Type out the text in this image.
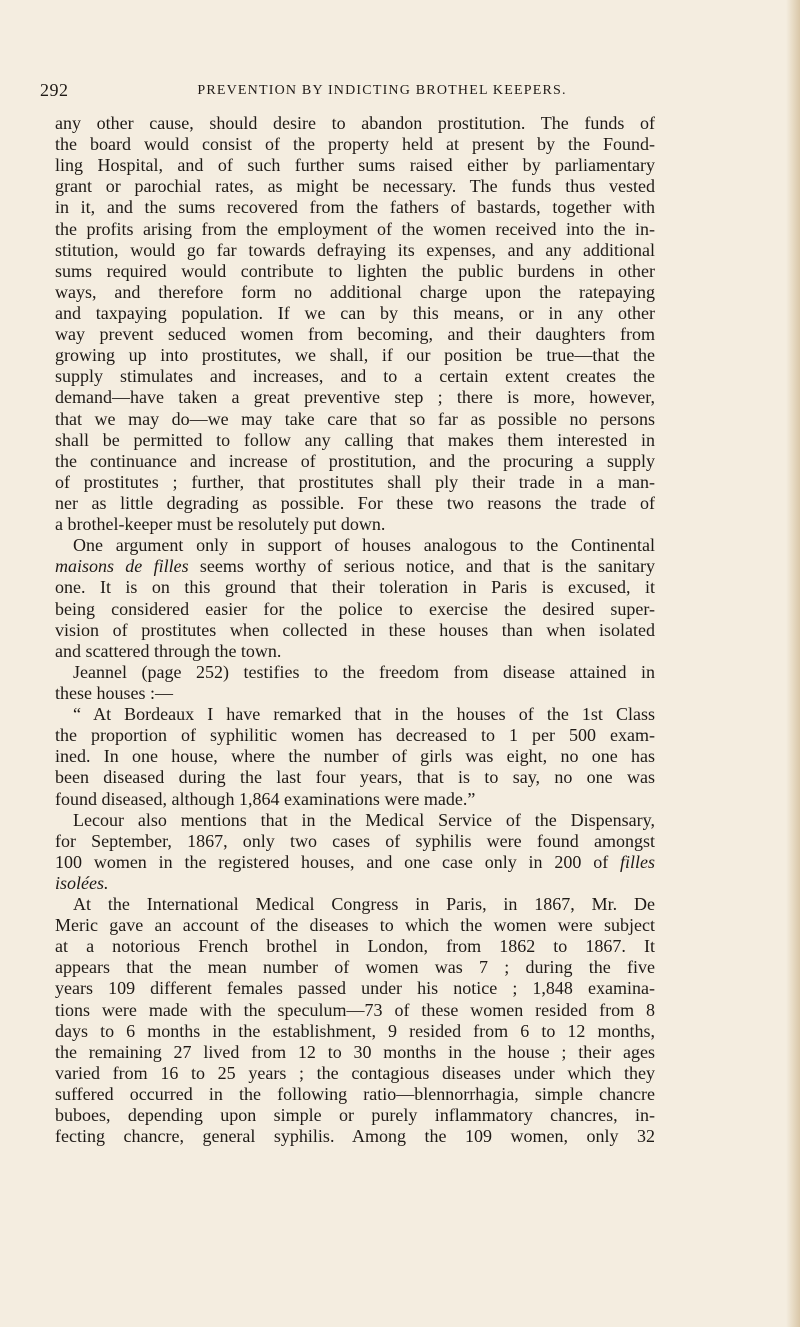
292	PREVENTION BY INDICTING BROTHEL KEEPERS.
any other cause, should desire to abandon prostitution. The funds of
the board would consist of the property held at present by the Found-
ling Hospital, and of such further sums raised either by parliamentary
grant or parochial rates, as might be necessary. The funds thus vested
in it, and the sums recovered from the fathers of bastards, together with
the profits arising from the employment of the women received into the in-
stitution, would go far towards defraying its expenses, and any additional
sums required would contribute to lighten the public burdens in other
ways, and therefore form no additional charge upon the ratepaying
and taxpaying population. If we can by this means, or in any other
way prevent seduced women from becoming, and their daughters from
growing up into prostitutes, we shall, if our position be true—that the
supply stimulates and increases, and to a certain extent creates the
demand—have taken a great preventive step ; there is more, however,
that we may do—we may take care that so far as possible no persons
shall be permitted to follow any calling that makes them interested in
the continuance and increase of prostitution, and the procuring a supply
of prostitutes ; further, that prostitutes shall ply their trade in a man-
ner as little degrading as possible. For these two reasons the trade of
a brothel-keeper must be resolutely put down.
One argument only in support of houses analogous to the Continental
maisons de filles seems worthy of serious notice, and that is the sanitary
one. It is on this ground that their toleration in Paris is excused, it
being considered easier for the police to exercise the desired super-
vision of prostitutes when collected in these houses than when isolated
and scattered through the town.
Jeannel (page 252) testifies to the freedom from disease attained in
these houses :—
“ At Bordeaux I have remarked that in the houses of the 1st Class
the proportion of syphilitic women has decreased to 1 per 500 exam-
ined. In one house, where the number of girls was eight, no one has
been diseased during the last four years, that is to say, no one was
found diseased, although 1,864 examinations were made.”
Lecour also mentions that in the Medical Service of the Dispensary,
for September, 1867, only two cases of syphilis were found amongst
100 women in the registered houses, and one case only in 200 of filles
isolées.
At the International Medical Congress in Paris, in 1867, Mr. De
Meric gave an account of the diseases to which the women were subject
at a notorious French brothel in London, from 1862 to 1867. It
appears that the mean number of women was 7 ; during the five
years 109 different females passed under his notice ; 1,848 examina-
tions were made with the speculum—73 of these women resided from 8
days to 6 months in the establishment, 9 resided from 6 to 12 months,
the remaining 27 lived from 12 to 30 months in the house ; their ages
varied from 16 to 25 years ; the contagious diseases under which they
suffered occurred in the following ratio—blennorrhagia, simple chancre
buboes, depending upon simple or purely inflammatory chancres, in-
fecting chancre, general syphilis. Among the 109 women, only 32
